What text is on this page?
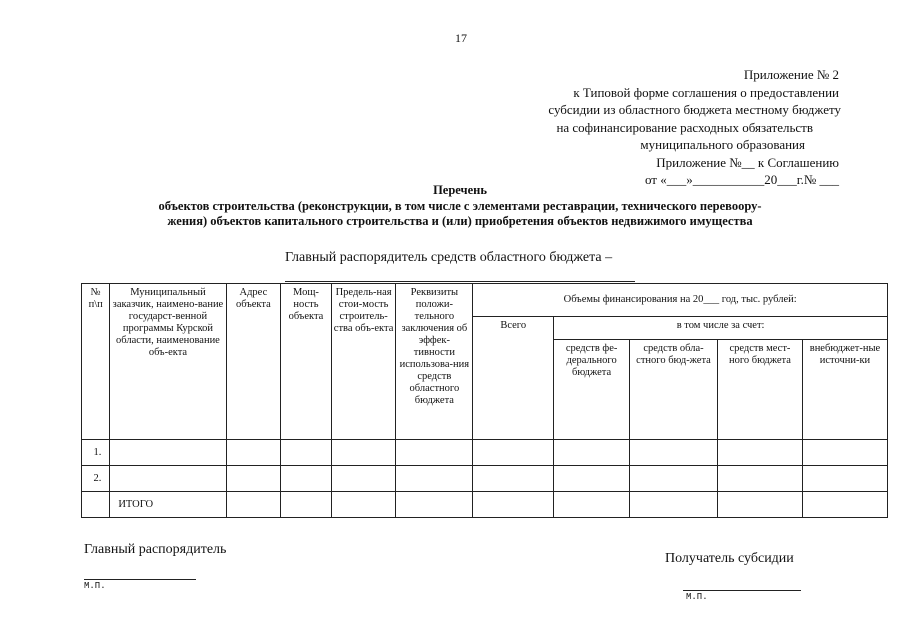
17
Приложение № 2
к Типовой форме соглашения о предоставлении
субсидии из областного бюджета местному бюджету
на софинансирование расходных обязательств
муниципального образования
Приложение №__ к Соглашению
от «___»___________20___г.№ ___
Перечень
объектов строительства (реконструкции, в том числе с элементами реставрации, технического перевоору-
жения) объектов капитального строительства и (или) приобретения объектов недвижимого имущества
Главный распорядитель средств областного бюджета –
№ п\п	Муниципальный заказчик, наимено-вание государст-венной программы Курской области, наименование объ-екта	Адрес объекта	Мощ-ность объекта	Предель-ная стои-мость строитель-ства объ-екта	Реквизиты положи-тельного заключения об эффек-тивности использова-ния средств областного бюджета	Объемы финансирования на 20___ год, тыс. рублей:				
						Всего	в том числе за счет:			
							средств фе-дерального бюджета	средств обла-стного бюд-жета	средств мест-ного бюджета	внебюджет-ные источни-ки
1.										
2.										
	ИТОГО									
Главный распорядитель
Получатель субсидии
М.П.
М.П.
